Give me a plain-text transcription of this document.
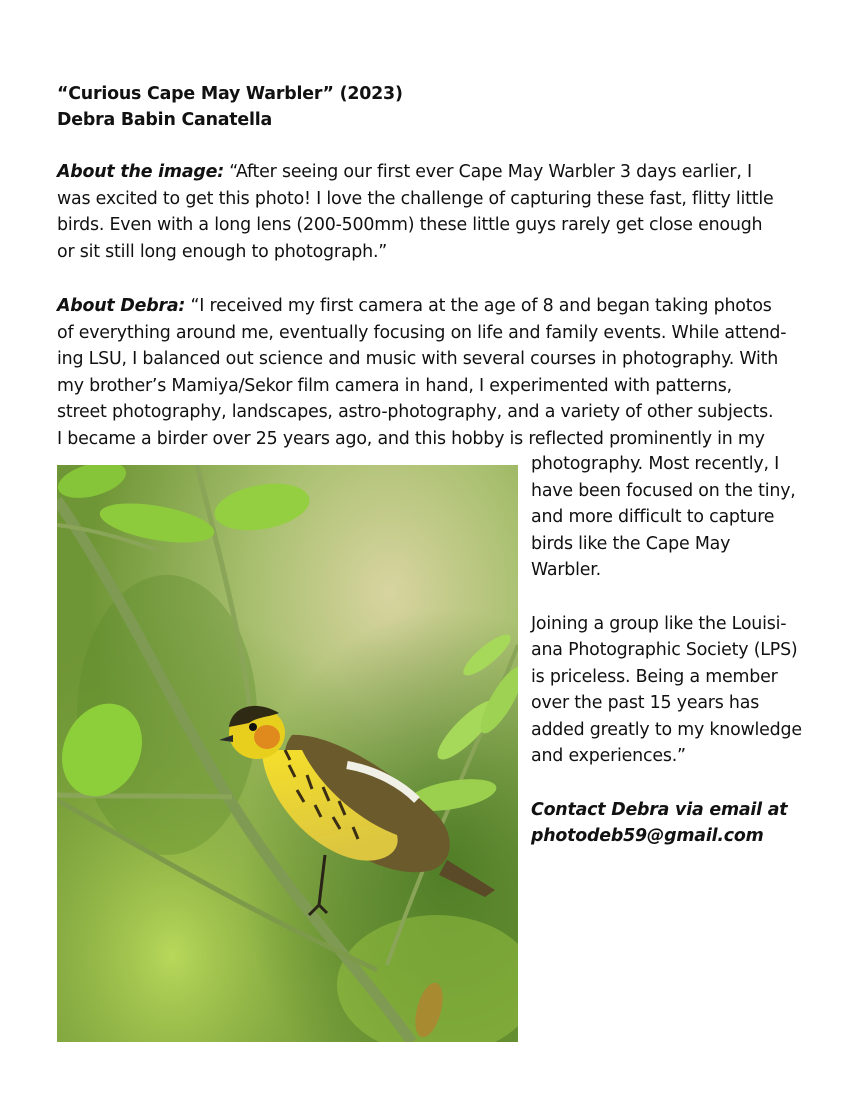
“Curious Cape May Warbler” (2023)
Debra Babin Canatella
About the image: “After seeing our first ever Cape May Warbler 3 days earlier, I
was excited to get this photo! I love the challenge of capturing these fast, flitty little
birds. Even with a long lens (200-500mm) these little guys rarely get close enough
or sit still long enough to photograph.”
About Debra: “I received my first camera at the age of 8 and began taking photos
of everything around me, eventually focusing on life and family events. While attend-
ing LSU, I balanced out science and music with several courses in photography. With
my brother’s Mamiya/Sekor film camera in hand, I experimented with patterns,
street photography, landscapes, astro-photography, and a variety of other subjects.
I became a birder over 25 years ago, and this hobby is reflected prominently in my
photography. Most recently, I
have been focused on the tiny,
and more difficult to capture
birds like the Cape May
Warbler.
Joining a group like the Louisi-
ana Photographic Society (LPS)
is priceless. Being a member
over the past 15 years has
added greatly to my knowledge
and experiences.”
Contact Debra via email at
photodeb59@gmail.com
